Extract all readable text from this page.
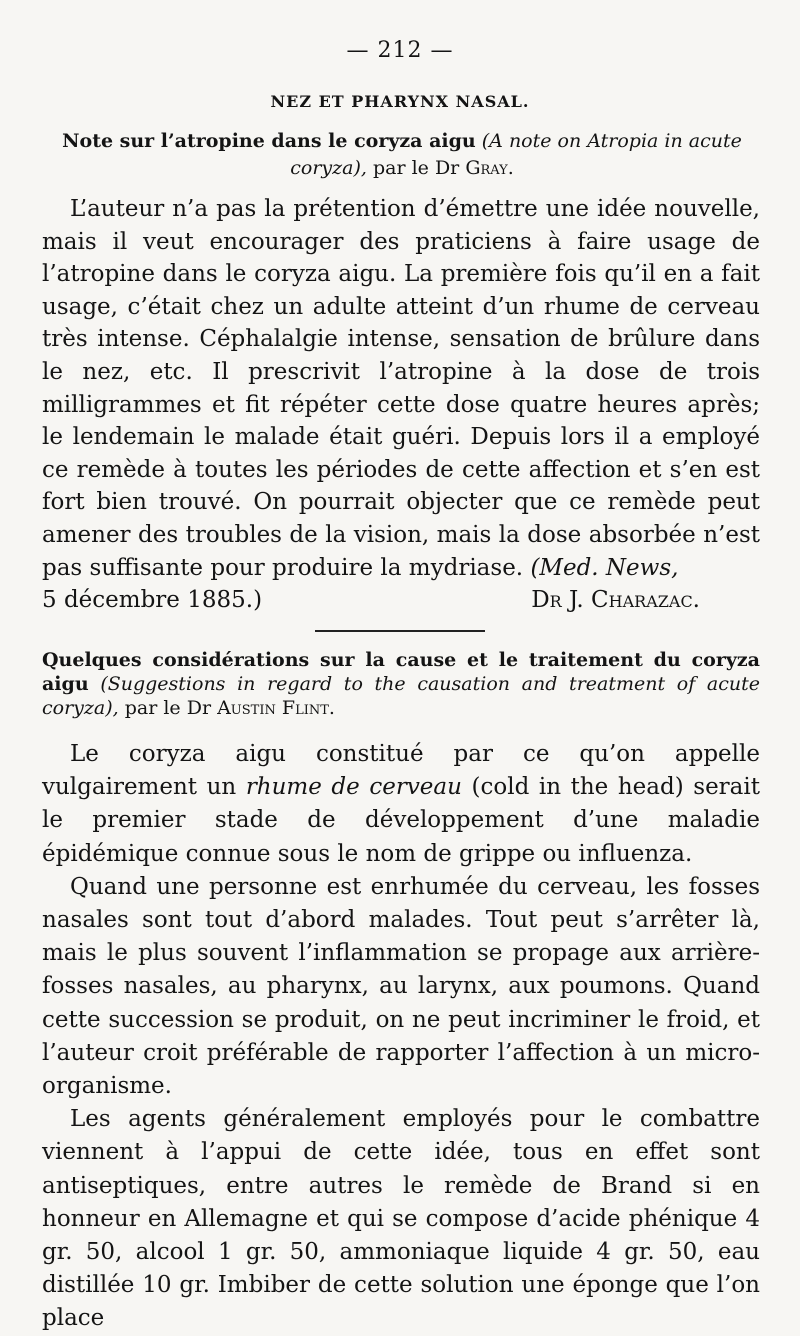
— 212 —
NEZ ET PHARYNX NASAL.
Note sur l’atropine dans le coryza aigu (A note on Atropia in acute coryza), par le Dr Gray.

L’auteur n’a pas la prétention d’émettre une idée nouvelle, mais il veut encourager des praticiens à faire usage de l’atropine dans le coryza aigu. La première fois qu’il en a fait usage, c’était chez un adulte atteint d’un rhume de cerveau très intense. Céphalalgie intense, sensation de brûlure dans le nez, etc. Il prescrivit l’atropine à la dose de trois milligrammes et fit répéter cette dose quatre heures après; le lendemain le malade était guéri. Depuis lors il a employé ce remède à toutes les périodes de cette affection et s’en est fort bien trouvé. On pourrait objecter que ce remède peut amener des troubles de la vision, mais la dose absorbée n’est pas suffisante pour produire la mydriase. (Med. News,

5 décembre 1885.)	Dr J. Charazac.
Quelques considérations sur la cause et le traitement du coryza aigu (Suggestions in regard to the causation and treatment of acute coryza), par le Dr Austin Flint.

Le coryza aigu constitué par ce qu’on appelle vulgairement un rhume de cerveau (cold in the head) serait le premier stade de développement d’une maladie épidémique connue sous le nom de grippe ou influenza.

Quand une personne est enrhumée du cerveau, les fosses nasales sont tout d’abord malades. Tout peut s’arrêter là, mais le plus souvent l’inflammation se propage aux arrière-fosses nasales, au pharynx, au larynx, aux poumons. Quand cette succession se produit, on ne peut incriminer le froid, et l’auteur croit préférable de rapporter l’affection à un micro-organisme.

Les agents généralement employés pour le combattre viennent à l’appui de cette idée, tous en effet sont antiseptiques, entre autres le remède de Brand si en honneur en Allemagne et qui se compose d’acide phénique 4 gr. 50, alcool 1 gr. 50, ammoniaque liquide 4 gr. 50, eau distillée 10 gr. Imbiber de cette solution une éponge que l’on place
